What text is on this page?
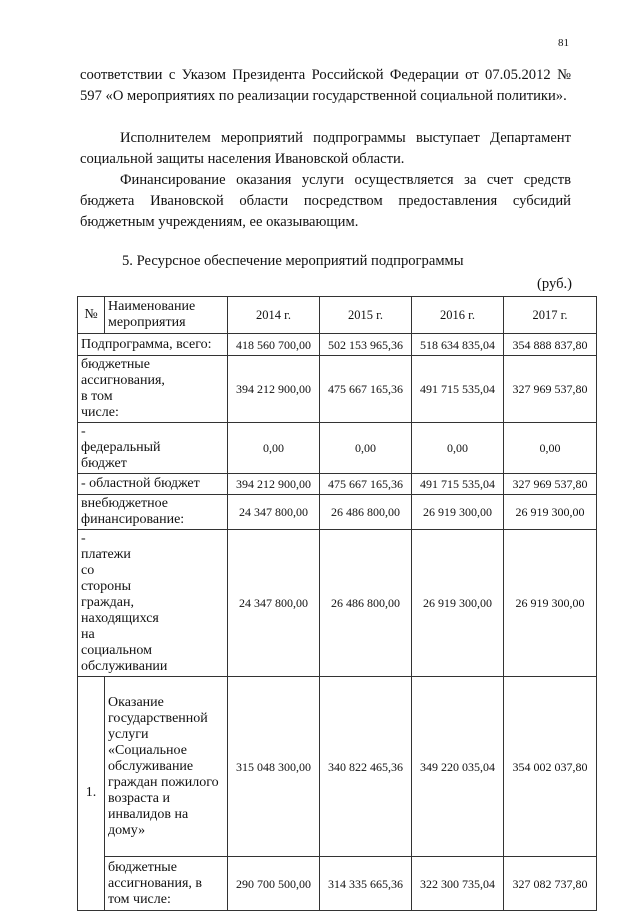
81

соответствии с Указом Президента Российской Федерации от 07.05.2012 № 597 «О мероприятиях по реализации государственной социальной политики».

Исполнителем мероприятий подпрограммы выступает Департамент социальной защиты населения Ивановской области.

Финансирование оказания услуги осуществляется за счет средств бюджета Ивановской области посредством предоставления субсидий бюджетным учреждениям, ее оказывающим.

5. Ресурсное обеспечение мероприятий подпрограммы
(руб.)
№	Наименование мероприятия	2014 г.	2015 г.	2016 г.	2017 г.
Подпрограмма, всего:		418 560 700,00	502 153 965,36	518 634 835,04	354 888 837,80
бюджетные ассигнования, в том числе:		394 212 900,00	475 667 165,36	491 715 535,04	327 969 537,80
- федеральный бюджет		0,00	0,00	0,00	0,00
- областной бюджет		394 212 900,00	475 667 165,36	491 715 535,04	327 969 537,80
внебюджетное финансирование:		24 347 800,00	26 486 800,00	26 919 300,00	26 919 300,00
- платежи со стороны граждан, находящихся на социальном обслуживании		24 347 800,00	26 486 800,00	26 919 300,00	26 919 300,00
1.	Оказание государственной услуги «Социальное обслуживание граждан пожилого возраста и инвалидов на дому»	315 048 300,00	340 822 465,36	349 220 035,04	354 002 037,80
	бюджетные ассигнования, в том числе:	290 700 500,00	314 335 665,36	322 300 735,04	327 082 737,80
